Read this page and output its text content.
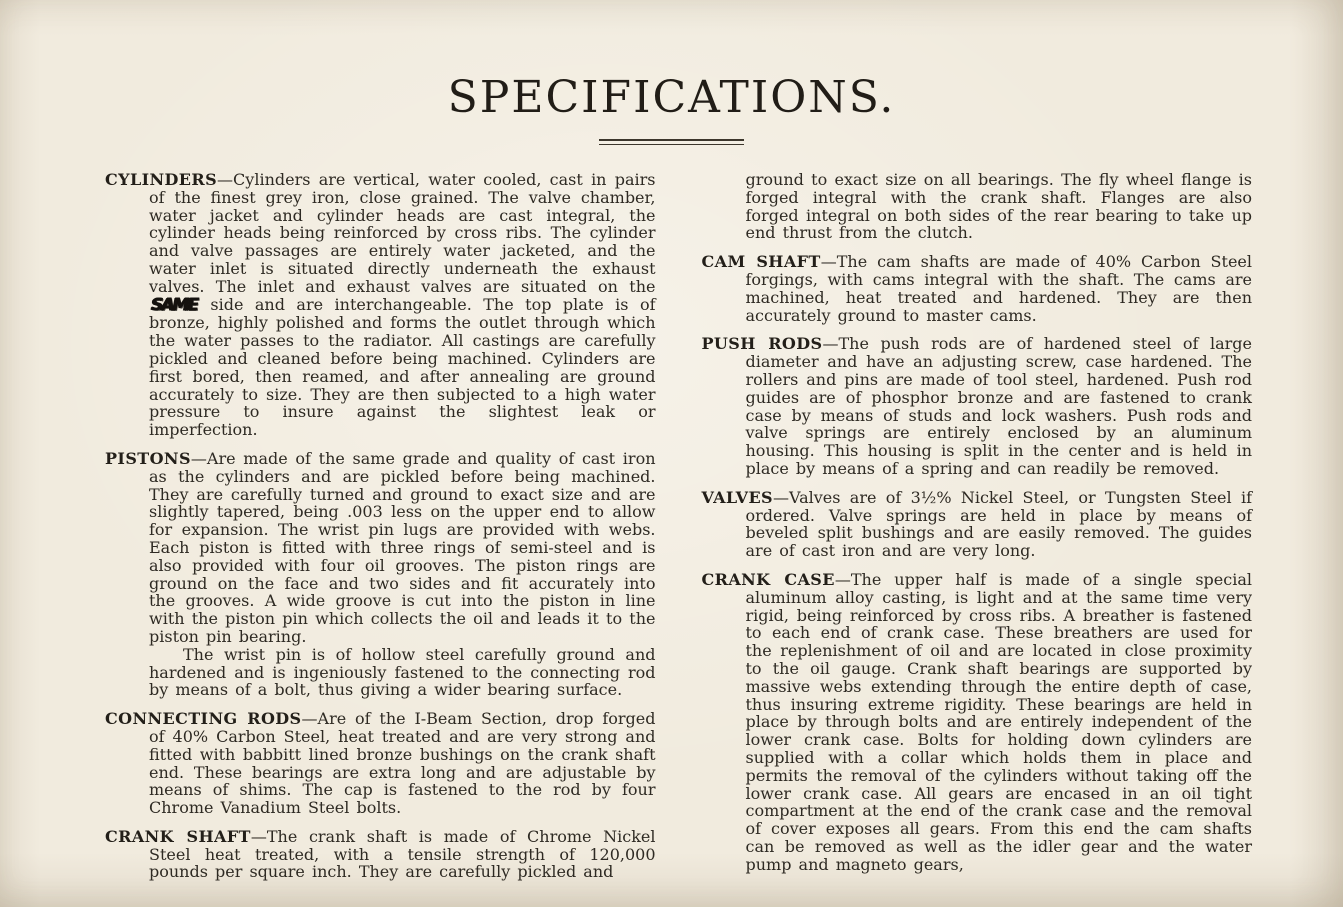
SPECIFICATIONS.

CYLINDERS—Cylinders are vertical, water cooled, cast in pairs of the finest grey iron, close grained. The valve chamber, water jacket and cylinder heads are cast integral, the cylinder heads being reinforced by cross ribs. The cylinder and valve passages are entirely water jacketed, and the water inlet is situated directly underneath the exhaust valves. The inlet and exhaust valves are situated on the SAME side and are interchangeable. The top plate is of bronze, highly polished and forms the outlet through which the water passes to the radiator. All castings are carefully pickled and cleaned before being machined. Cylinders are first bored, then reamed, and after annealing are ground accurately to size. They are then subjected to a high water pressure to insure against the slightest leak or imperfection.

PISTONS—Are made of the same grade and quality of cast iron as the cylinders and are pickled before being machined. They are carefully turned and ground to exact size and are slightly tapered, being .003 less on the upper end to allow for expansion. The wrist pin lugs are provided with webs. Each piston is fitted with three rings of semi-steel and is also provided with four oil grooves. The piston rings are ground on the face and two sides and fit accurately into the grooves. A wide groove is cut into the piston in line with the piston pin which collects the oil and leads it to the piston pin bearing.

The wrist pin is of hollow steel carefully ground and hardened and is ingeniously fastened to the connecting rod by means of a bolt, thus giving a wider bearing surface.

CONNECTING RODS—Are of the I-Beam Section, drop forged of 40% Carbon Steel, heat treated and are very strong and fitted with babbitt lined bronze bushings on the crank shaft end. These bearings are extra long and are adjustable by means of shims. The cap is fastened to the rod by four Chrome Vanadium Steel bolts.

CRANK SHAFT—The crank shaft is made of Chrome Nickel Steel heat treated, with a tensile strength of 120,000 pounds per square inch. They are carefully pickled and

ground to exact size on all bearings. The fly wheel flange is forged integral with the crank shaft. Flanges are also forged integral on both sides of the rear bearing to take up end thrust from the clutch.

CAM SHAFT—The cam shafts are made of 40% Carbon Steel forgings, with cams integral with the shaft. The cams are machined, heat treated and hardened. They are then accurately ground to master cams.

PUSH RODS—The push rods are of hardened steel of large diameter and have an adjusting screw, case hardened. The rollers and pins are made of tool steel, hardened. Push rod guides are of phosphor bronze and are fastened to crank case by means of studs and lock washers. Push rods and valve springs are entirely enclosed by an aluminum housing. This housing is split in the center and is held in place by means of a spring and can readily be removed.

VALVES—Valves are of 3½% Nickel Steel, or Tungsten Steel if ordered. Valve springs are held in place by means of beveled split bushings and are easily removed. The guides are of cast iron and are very long.

CRANK CASE—The upper half is made of a single special aluminum alloy casting, is light and at the same time very rigid, being reinforced by cross ribs. A breather is fastened to each end of crank case. These breathers are used for the replenishment of oil and are located in close proximity to the oil gauge. Crank shaft bearings are supported by massive webs extending through the entire depth of case, thus insuring extreme rigidity. These bearings are held in place by through bolts and are entirely independent of the lower crank case. Bolts for holding down cylinders are supplied with a collar which holds them in place and permits the removal of the cylinders without taking off the lower crank case. All gears are encased in an oil tight compartment at the end of the crank case and the removal of cover exposes all gears. From this end the cam shafts can be removed as well as the idler gear and the water pump and magneto gears,
